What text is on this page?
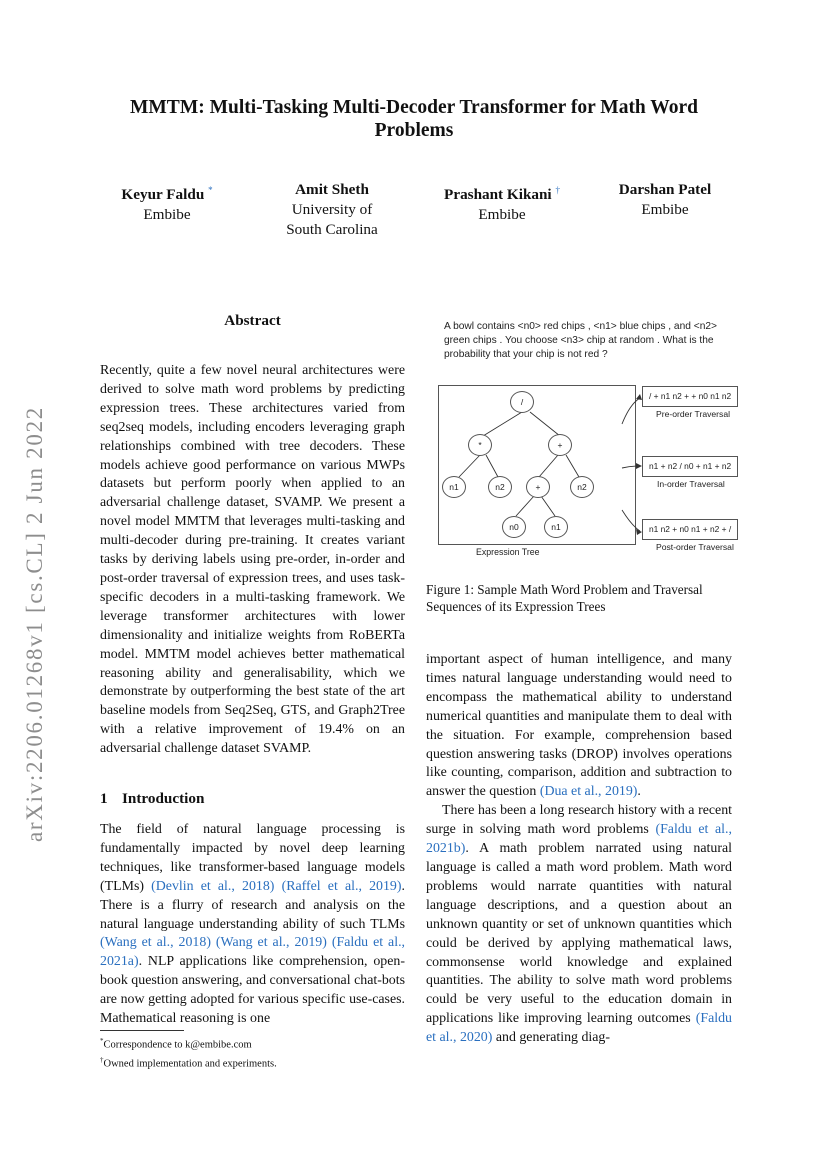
arXiv:2206.01268v1 [cs.CL] 2 Jun 2022
MMTM: Multi-Tasking Multi-Decoder Transformer for Math Word Problems
Keyur Faldu *
Embibe
Amit Sheth
University of
South Carolina
Prashant Kikani †
Embibe
Darshan Patel
Embibe
Abstract

Recently, quite a few novel neural architectures were derived to solve math word problems by predicting expression trees. These architectures varied from seq2seq models, including encoders leveraging graph relationships combined with tree decoders. These models achieve good performance on various MWPs datasets but perform poorly when applied to an adversarial challenge dataset, SVAMP. We present a novel model MMTM that leverages multi-tasking and multi-decoder during pre-training. It creates variant tasks by deriving labels using pre-order, in-order and post-order traversal of expression trees, and uses task-specific decoders in a multi-tasking framework. We leverage transformer architectures with lower dimensionality and initialize weights from RoBERTa model. MMTM model achieves better mathematical reasoning ability and generalisability, which we demonstrate by outperforming the best state of the art baseline models from Seq2Seq, GTS, and Graph2Tree with a relative improvement of 19.4% on an adversarial challenge dataset SVAMP.

1 Introduction

The field of natural language processing is fundamentally impacted by novel deep learning techniques, like transformer-based language models (TLMs) (Devlin et al., 2018) (Raffel et al., 2019). There is a flurry of research and analysis on the natural language understanding ability of such TLMs (Wang et al., 2018) (Wang et al., 2019) (Faldu et al., 2021a). NLP applications like comprehension, open-book question answering, and conversational chat-bots are now getting adopted for various specific use-cases. Mathematical reasoning is one

*Correspondence to k@embibe.com
†Owned implementation and experiments.
A bowl contains <n0> red chips , <n1> blue chips , and <n2> green chips . You choose <n3> chip at random . What is the probability that your chip is not red ?
/
*	+
n1	n2	+	n2
n0	n1
Expression Tree
/ + n1 n2 + + n0 n1 n2
Pre-order Traversal
n1 + n2 / n0 + n1 + n2
In-order Traversal
n1 n2 + n0 n1 + n2 + /
Post-order Traversal
Figure 1: Sample Math Word Problem and Traversal Sequences of its Expression Trees

important aspect of human intelligence, and many times natural language understanding would need to encompass the mathematical ability to understand numerical quantities and manipulate them to deal with the situation. For example, comprehension based question answering tasks (DROP) involves operations like counting, comparison, addition and subtraction to answer the question (Dua et al., 2019).

There has been a long research history with a recent surge in solving math word problems (Faldu et al., 2021b). A math problem narrated using natural language is called a math word problem. Math word problems would narrate quantities with natural language descriptions, and a question about an unknown quantity or set of unknown quantities which could be derived by applying mathematical laws, commonsense world knowledge and explained quantities. The ability to solve math word problems could be very useful to the education domain in applications like improving learning outcomes (Faldu et al., 2020) and generating diag-
